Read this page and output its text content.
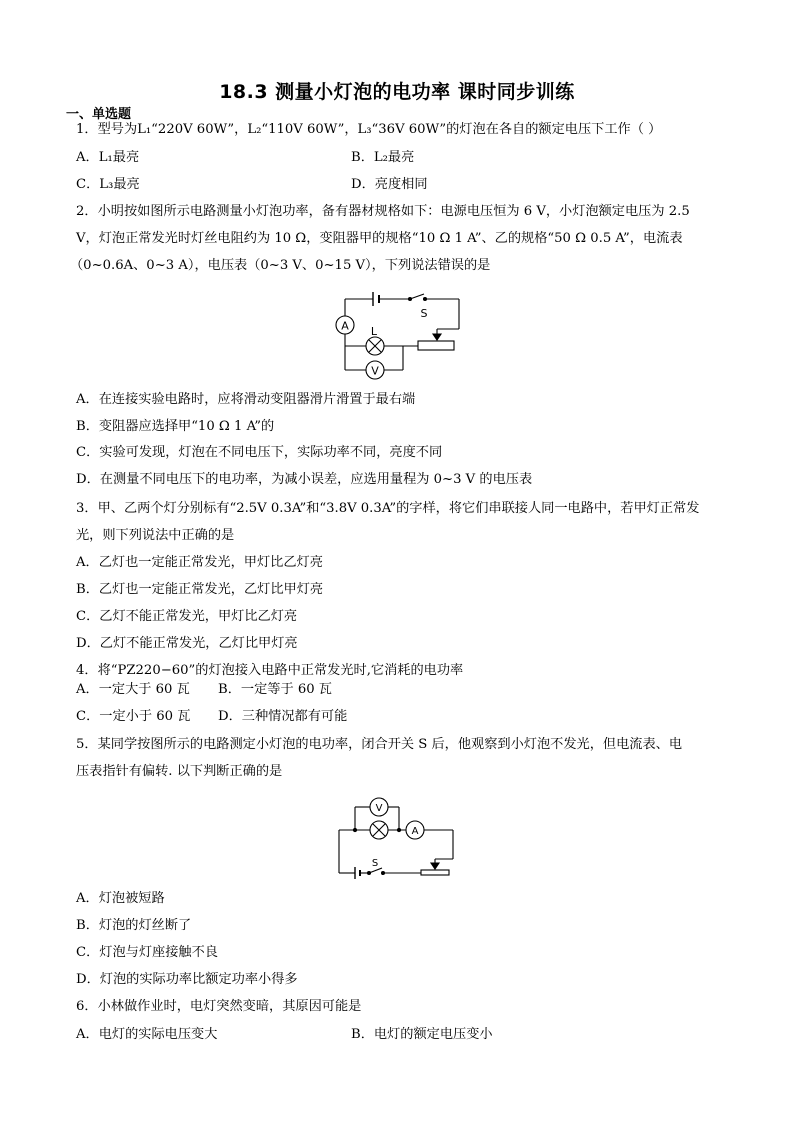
18.3 测量小灯泡的电功率 课时同步训练
一、单选题
1．型号为L₁“220V 60W”，L₂“110V 60W”，L₃“36V 60W”的灯泡在各自的额定电压下工作（ ）
A．L₁最亮	B．L₂最亮
C．L₃最亮	D．亮度相同
2．小明按如图所示电路测量小灯泡功率，备有器材规格如下：电源电压恒为 6 V，小灯泡额定电压为 2.5
V，灯泡正常发光时灯丝电阻约为 10 Ω，变阻器甲的规格“10 Ω 1 A”、乙的规格“50 Ω 0.5 A”，电流表
（0~0.6A、0~3 A），电压表（0~3 V、0~15 V），下列说法错误的是
A L
V
S
A．在连接实验电路时，应将滑动变阻器滑片滑置于最右端
B．变阻器应选择甲“10 Ω 1 A”的
C．实验可发现，灯泡在不同电压下，实际功率不同，亮度不同
D．在测量不同电压下的电功率，为减小误差，应选用量程为 0~3 V 的电压表
3．甲、乙两个灯分别标有“2.5V 0.3A”和“3.8V 0.3A”的字样，将它们串联接人同一电路中，若甲灯正常发
光，则下列说法中正确的是
A．乙灯也一定能正常发光，甲灯比乙灯亮
B．乙灯也一定能正常发光，乙灯比甲灯亮
C．乙灯不能正常发光，甲灯比乙灯亮
D．乙灯不能正常发光，乙灯比甲灯亮
4．将“PZ220−60”的灯泡接入电路中正常发光时,它消耗的电功率
A．一定大于 60 瓦 B．一定等于 60 瓦
C．一定小于 60 瓦 D．三种情况都有可能
5．某同学按图所示的电路测定小灯泡的电功率，闭合开关 S 后，他观察到小灯泡不发光，但电流表、电
压表指针有偏转. 以下判断正确的是
V
A
S
A．灯泡被短路
B．灯泡的灯丝断了
C．灯泡与灯座接触不良
D．灯泡的实际功率比额定功率小得多
6．小林做作业时，电灯突然变暗，其原因可能是
A．电灯的实际电压变大	B．电灯的额定电压变小
